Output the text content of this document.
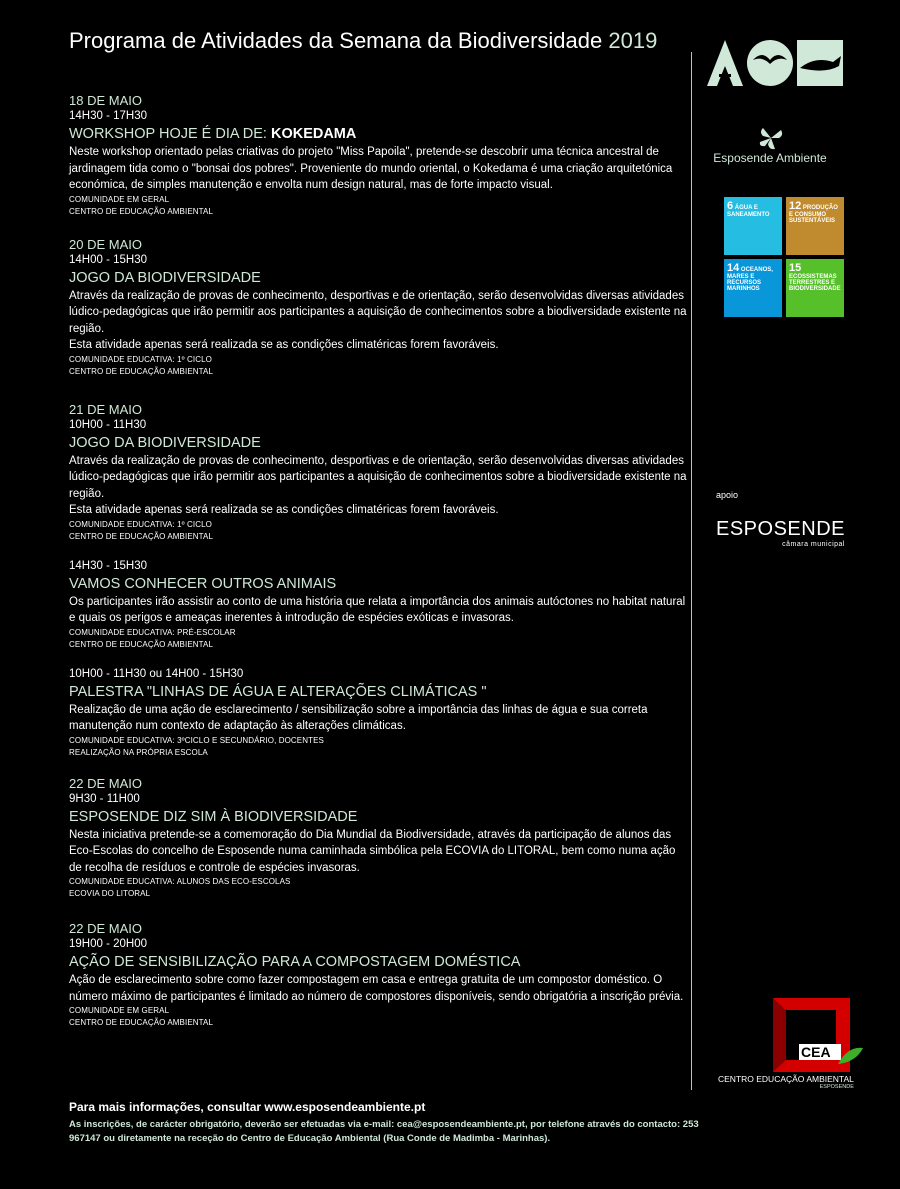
Programa de Atividades da Semana da Biodiversidade 2019
18 DE MAIO
14H30 - 17H30
WORKSHOP HOJE É DIA DE: KOKEDAMA
Neste workshop orientado pelas criativas do projeto "Miss Papoila", pretende-se descobrir uma técnica ancestral de jardinagem tida como o "bonsai dos pobres". Proveniente do mundo oriental, o Kokedama é uma criação arquitetónica económica, de simples manutenção e envolta num design natural, mas de forte impacto visual.
COMUNIDADE EM GERAL
CENTRO DE EDUCAÇÃO AMBIENTAL
20 DE MAIO
14H00 - 15H30
JOGO DA BIODIVERSIDADE
Através da realização de provas de conhecimento, desportivas e de orientação, serão desenvolvidas diversas atividades lúdico-pedagógicas que irão permitir aos participantes a aquisição de conhecimentos sobre a biodiversidade existente na região.
Esta atividade apenas será realizada se as condições climatéricas forem favoráveis.
COMUNIDADE EDUCATIVA: 1º CICLO
CENTRO DE EDUCAÇÃO AMBIENTAL
21 DE MAIO
10H00 - 11H30
JOGO DA BIODIVERSIDADE
Através da realização de provas de conhecimento, desportivas e de orientação, serão desenvolvidas diversas atividades lúdico-pedagógicas que irão permitir aos participantes a aquisição de conhecimentos sobre a biodiversidade existente na região.
Esta atividade apenas será realizada se as condições climatéricas forem favoráveis.
COMUNIDADE EDUCATIVA: 1º CICLO
CENTRO DE EDUCAÇÃO AMBIENTAL
14H30 - 15H30
VAMOS CONHECER OUTROS ANIMAIS
Os participantes irão assistir ao conto de uma história que relata a importância dos animais autóctones no habitat natural e quais os perigos e ameaças inerentes à introdução de espécies exóticas e invasoras.
COMUNIDADE EDUCATIVA: PRÉ-ESCOLAR
CENTRO DE EDUCAÇÃO AMBIENTAL
10H00 - 11H30 ou 14H00 - 15H30
PALESTRA "LINHAS DE ÁGUA E ALTERAÇÕES CLIMÁTICAS "
Realização de uma ação de esclarecimento / sensibilização sobre a importância das linhas de água e sua correta manutenção num contexto de adaptação às alterações climáticas.
COMUNIDADE EDUCATIVA: 3ºCICLO E SECUNDÁRIO, DOCENTES
REALIZAÇÃO NA PRÓPRIA ESCOLA
22 DE MAIO
9H30 - 11H00
ESPOSENDE DIZ SIM À BIODIVERSIDADE
Nesta iniciativa pretende-se a comemoração do Dia Mundial da Biodiversidade, através da participação de alunos das Eco-Escolas do concelho de Esposende numa caminhada simbólica pela ECOVIA do LITORAL, bem como numa ação de recolha de resíduos e controle de espécies invasoras.
COMUNIDADE EDUCATIVA: ALUNOS DAS ECO-ESCOLAS
ECOVIA DO LITORAL
22 DE MAIO
19H00 - 20H00
AÇÃO DE SENSIBILIZAÇÃO PARA A COMPOSTAGEM DOMÉSTICA
Ação de esclarecimento sobre como fazer compostagem em casa e entrega gratuita de um compostor doméstico. O número máximo de participantes é limitado ao número de compostores disponíveis, sendo obrigatória a inscrição prévia.
COMUNIDADE EM GERAL
CENTRO DE EDUCAÇÃO AMBIENTAL
Para mais informações, consultar www.esposendeambiente.pt
As inscrições, de carácter obrigatório, deverão ser efetuadas via e-mail: cea@esposendeambiente.pt, por telefone através do contacto: 253 967147 ou diretamente na receção do Centro de Educação Ambiental (Rua Conde de Madimba - Marinhas).
Esposende Ambiente
6 ÁGUA E SANEAMENTO
12 PRODUÇÃO E CONSUMO SUSTENTÁVEIS
14 OCEANOS, MARES E RECURSOS MARINHOS
15 ECOSSISTEMAS TERRESTRES E BIODIVERSIDADE
apoio
ESPOSENDE
câmara municipal
CEA
CENTRO EDUCAÇÃO AMBIENTAL
ESPOSENDE
